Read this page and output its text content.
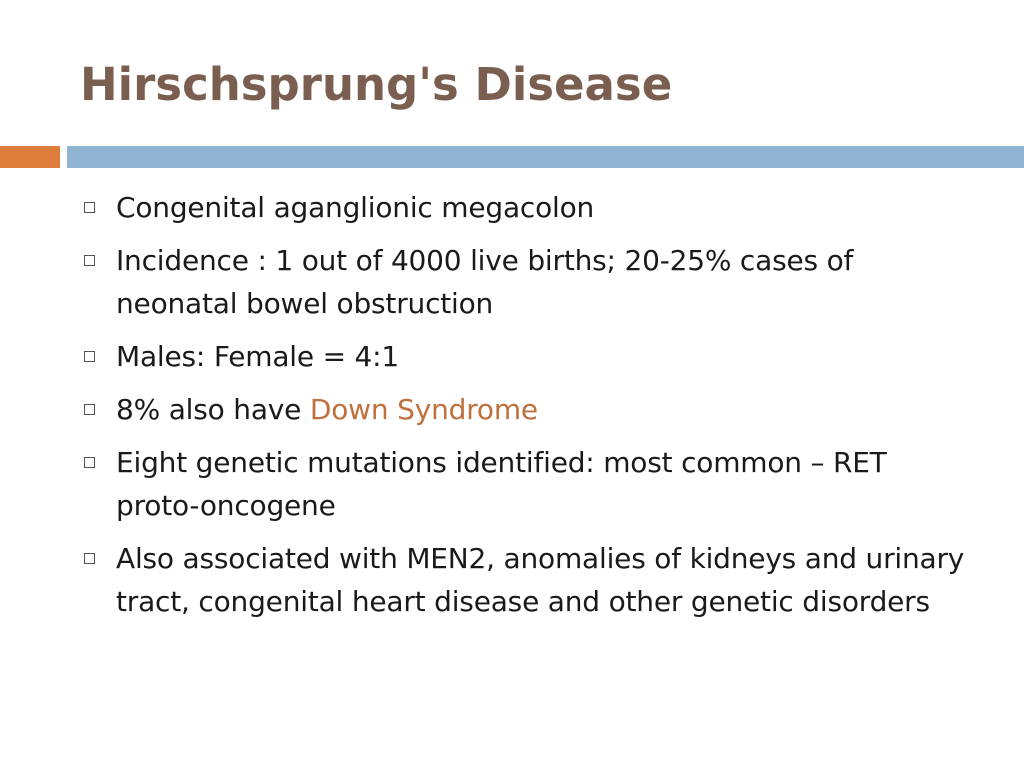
Hirschsprung's Disease
Congenital aganglionic megacolon
Incidence : 1 out of 4000 live births; 20-25% cases of neonatal bowel obstruction
Males: Female = 4:1
8% also have Down Syndrome
Eight genetic mutations identified: most common – RET proto-oncogene
Also associated with MEN2, anomalies of kidneys and urinary tract, congenital heart disease and other genetic disorders
